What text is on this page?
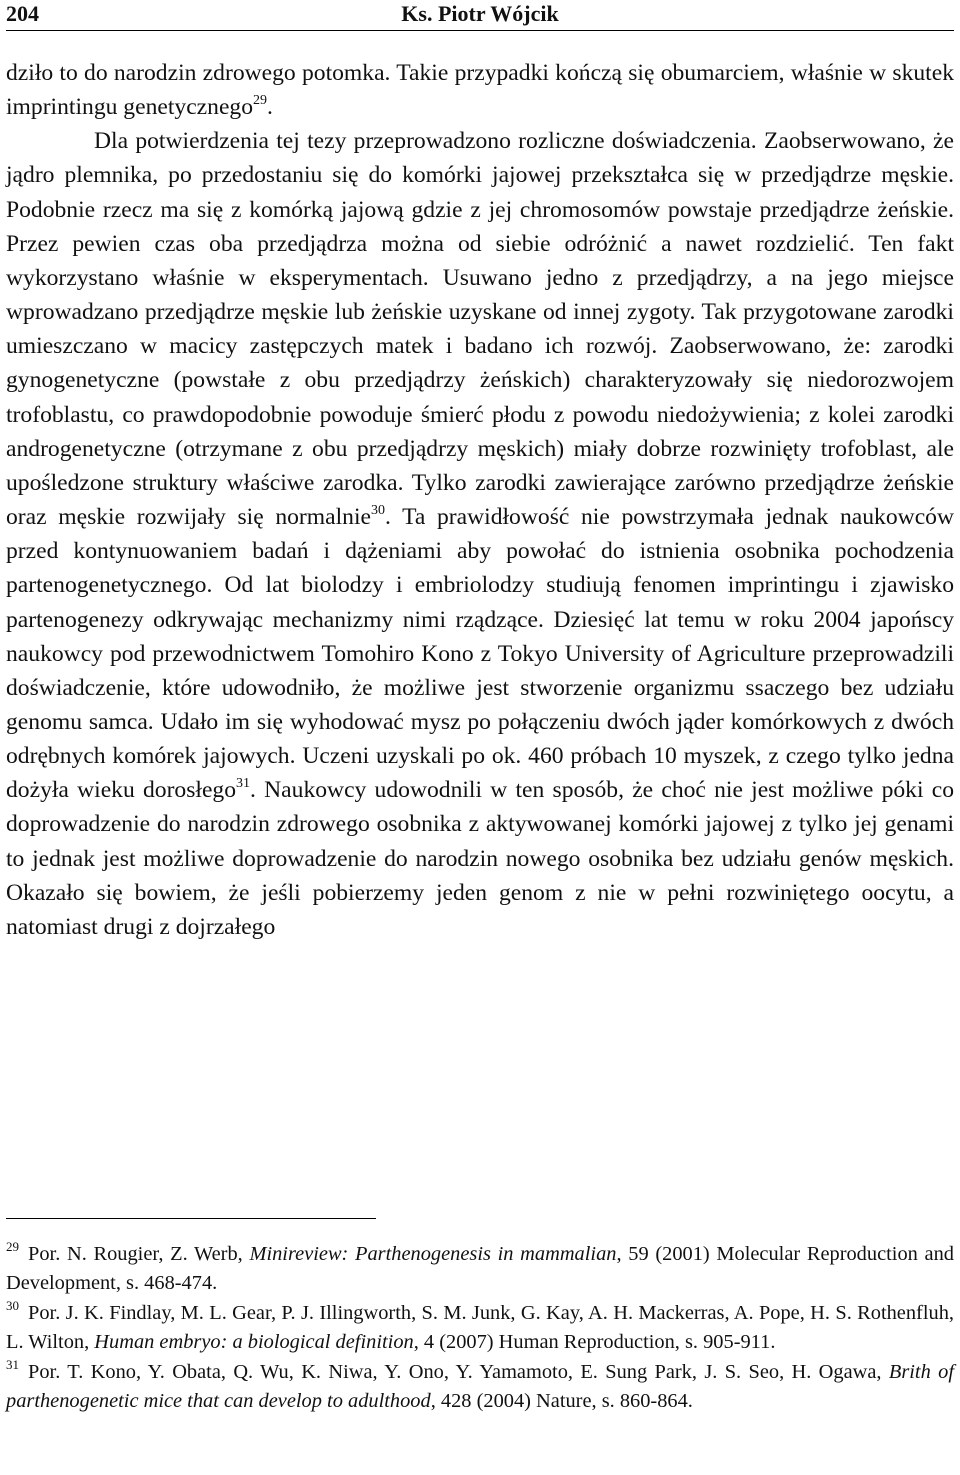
204	Ks. Piotr Wójcik

dziło to do narodzin zdrowego potomka. Takie przypadki kończą się obumarciem, właśnie w skutek imprintingu genetycznego$^{29}$.

Dla potwierdzenia tej tezy przeprowadzono rozliczne doświadczenia. Zaobserwowano, że jądro plemnika, po przedostaniu się do komórki jajowej przekształca się w przedjądrze męskie. Podobnie rzecz ma się z komórką jajową gdzie z jej chromosomów powstaje przedjądrze żeńskie. Przez pewien czas oba przedjądrza można od siebie odróżnić a nawet rozdzielić. Ten fakt wykorzystano właśnie w eksperymentach. Usuwano jedno z przedjądrzy, a na jego miejsce wprowadzano przedjądrze męskie lub żeńskie uzyskane od innej zygoty. Tak przygotowane zarodki umieszczano w macicy zastępczych matek i badano ich rozwój. Zaobserwowano, że: zarodki gynogenetyczne (powstałe z obu przedjądrzy żeńskich) charakteryzowały się niedorozwojem trofoblastu, co prawdopodobnie powoduje śmierć płodu z powodu niedożywienia; z kolei zarodki androgenetyczne (otrzymane z obu przedjądrzy męskich) miały dobrze rozwinięty trofoblast, ale upośledzone struktury właściwe zarodka. Tylko zarodki zawierające zarówno przedjądrze żeńskie oraz męskie rozwijały się normalnie$^{30}$. Ta prawidłowość nie powstrzymała jednak naukowców przed kontynuowaniem badań i dążeniami aby powołać do istnienia osobnika pochodzenia partenogenetycznego. Od lat biolodzy i embriolodzy studiują fenomen imprintingu i zjawisko partenogenezy odkrywając mechanizmy nimi rządzące. Dziesięć lat temu w roku 2004 japońscy naukowcy pod przewodnictwem Tomohiro Kono z Tokyo University of Agriculture przeprowadzili doświadczenie, które udowodniło, że możliwe jest stworzenie organizmu ssaczego bez udziału genomu samca. Udało im się wyhodować mysz po połączeniu dwóch jąder komórkowych z dwóch odrębnych komórek jajowych. Uczeni uzyskali po ok. 460 próbach 10 myszek, z czego tylko jedna dożyła wieku dorosłego$^{31}$. Naukowcy udowodnili w ten sposób, że choć nie jest możliwe póki co doprowadzenie do narodzin zdrowego osobnika z aktywowanej komórki jajowej z tylko jej genami to jednak jest możliwe doprowadzenie do narodzin nowego osobnika bez udziału genów męskich. Okazało się bowiem, że jeśli pobierzemy jeden genom z nie w pełni rozwiniętego oocytu, a natomiast drugi z dojrzałego

$^{29}$ Por. N. Rougier, Z. Werb, Minireview: Parthenogenesis in mammalian, 59 (2001) Molecular Reproduction and Development, s. 468-474.

$^{30}$ Por. J. K. Findlay, M. L. Gear, P. J. Illingworth, S. M. Junk, G. Kay, A. H. Mackerras, A. Pope, H. S. Rothenfluh, L. Wilton, Human embryo: a biological definition, 4 (2007) Human Reproduction, s. 905-911.

$^{31}$ Por. T. Kono, Y. Obata, Q. Wu, K. Niwa, Y. Ono, Y. Yamamoto, E. Sung Park, J. S. Seo, H. Ogawa, Brith of parthenogenetic mice that can develop to adulthood, 428 (2004) Nature, s. 860-864.
